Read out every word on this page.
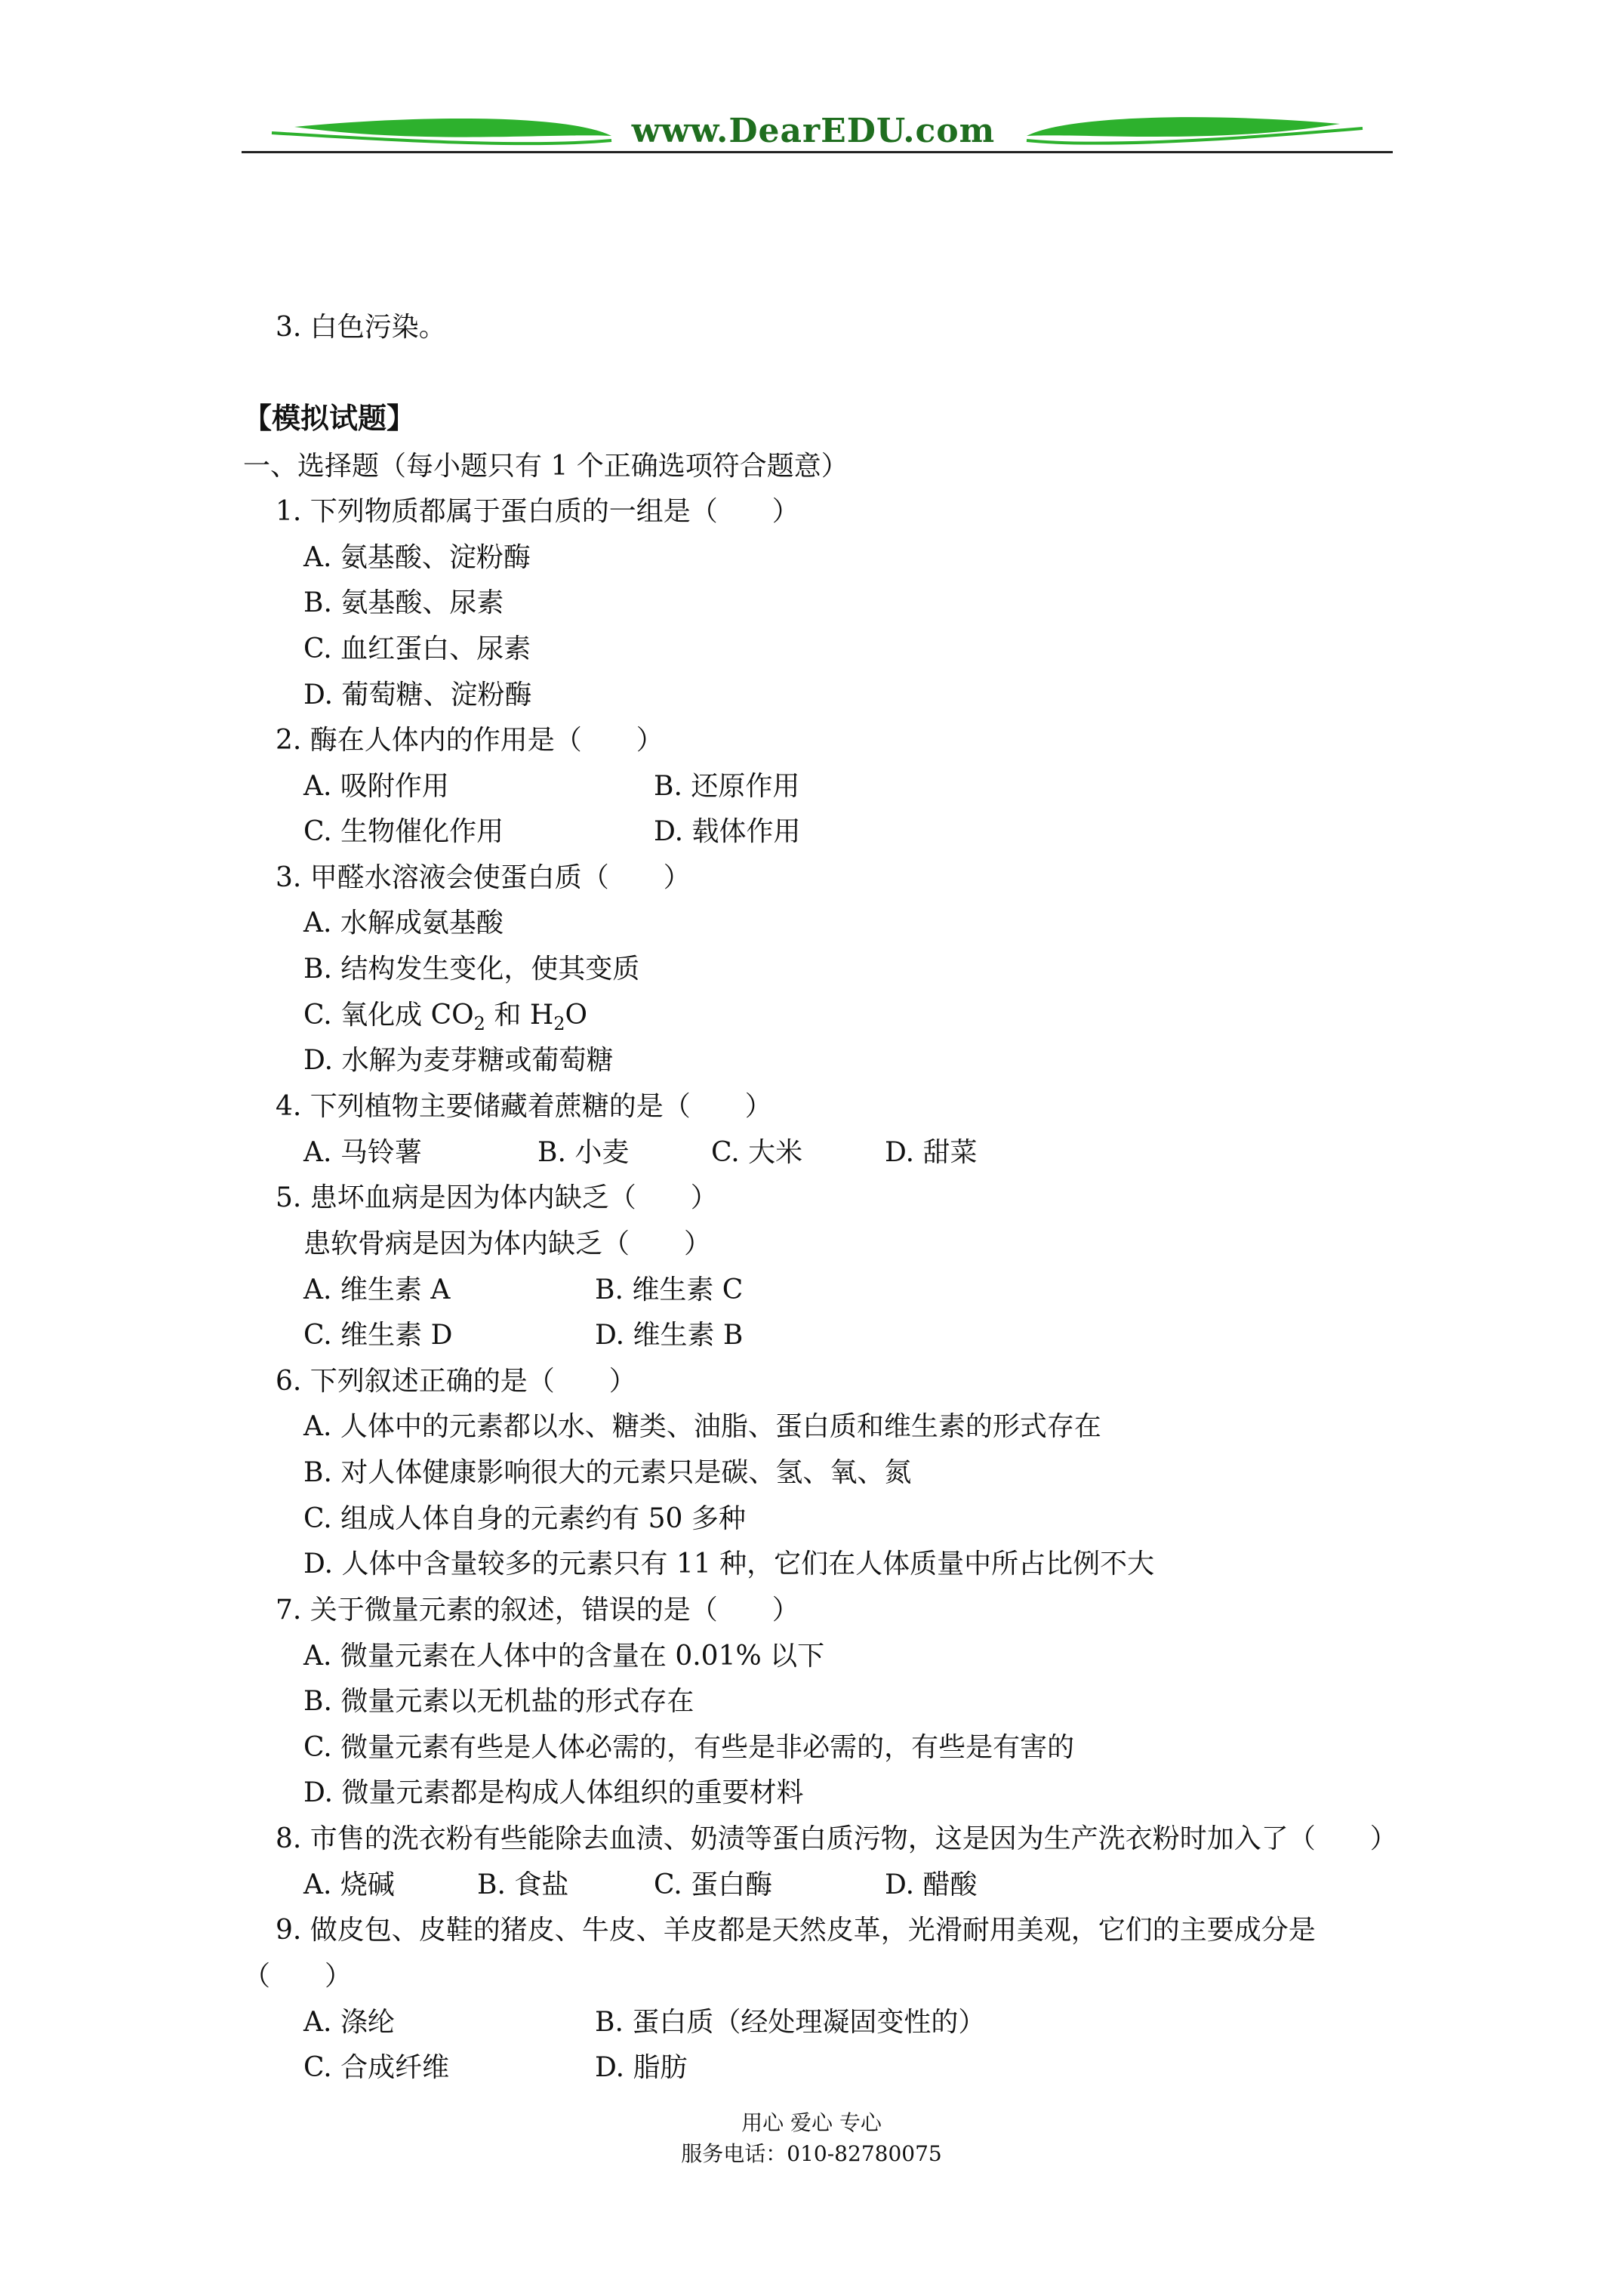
www.DearEDU.com
3. 白色污染。
【模拟试题】
一、选择题（每小题只有 1 个正确选项符合题意）
1. 下列物质都属于蛋白质的一组是（　　）
A. 氨基酸、淀粉酶
B. 氨基酸、尿素
C. 血红蛋白、尿素
D. 葡萄糖、淀粉酶
2. 酶在人体内的作用是（　　）
A. 吸附作用	B. 还原作用
C. 生物催化作用	D. 载体作用
3. 甲醛水溶液会使蛋白质（　　）
A. 水解成氨基酸
B. 结构发生变化，使其变质
C. 氧化成 $CO_2$ 和 $H_2O$
D. 水解为麦芽糖或葡萄糖
4. 下列植物主要储藏着蔗糖的是（　　）
A. 马铃薯	B. 小麦	C. 大米	D. 甜菜
5. 患坏血病是因为体内缺乏（　　）
患软骨病是因为体内缺乏（　　）
A. 维生素 A	B. 维生素 C
C. 维生素 D	D. 维生素 B
6. 下列叙述正确的是（　　）
A. 人体中的元素都以水、糖类、油脂、蛋白质和维生素的形式存在
B. 对人体健康影响很大的元素只是碳、氢、氧、氮
C. 组成人体自身的元素约有 50 多种
D. 人体中含量较多的元素只有 11 种，它们在人体质量中所占比例不大
7. 关于微量元素的叙述，错误的是（　　）
A. 微量元素在人体中的含量在 0.01% 以下
B. 微量元素以无机盐的形式存在
C. 微量元素有些是人体必需的，有些是非必需的，有些是有害的
D. 微量元素都是构成人体组织的重要材料
8. 市售的洗衣粉有些能除去血渍、奶渍等蛋白质污物，这是因为生产洗衣粉时加入了（　　）
A. 烧碱	B. 食盐	C. 蛋白酶	D. 醋酸
9. 做皮包、皮鞋的猪皮、牛皮、羊皮都是天然皮革，光滑耐用美观，它们的主要成分是
（　　）
A. 涤纶	B. 蛋白质（经处理凝固变性的）
C. 合成纤维	D. 脂肪
用心 爱心 专心
服务电话：010-82780075
